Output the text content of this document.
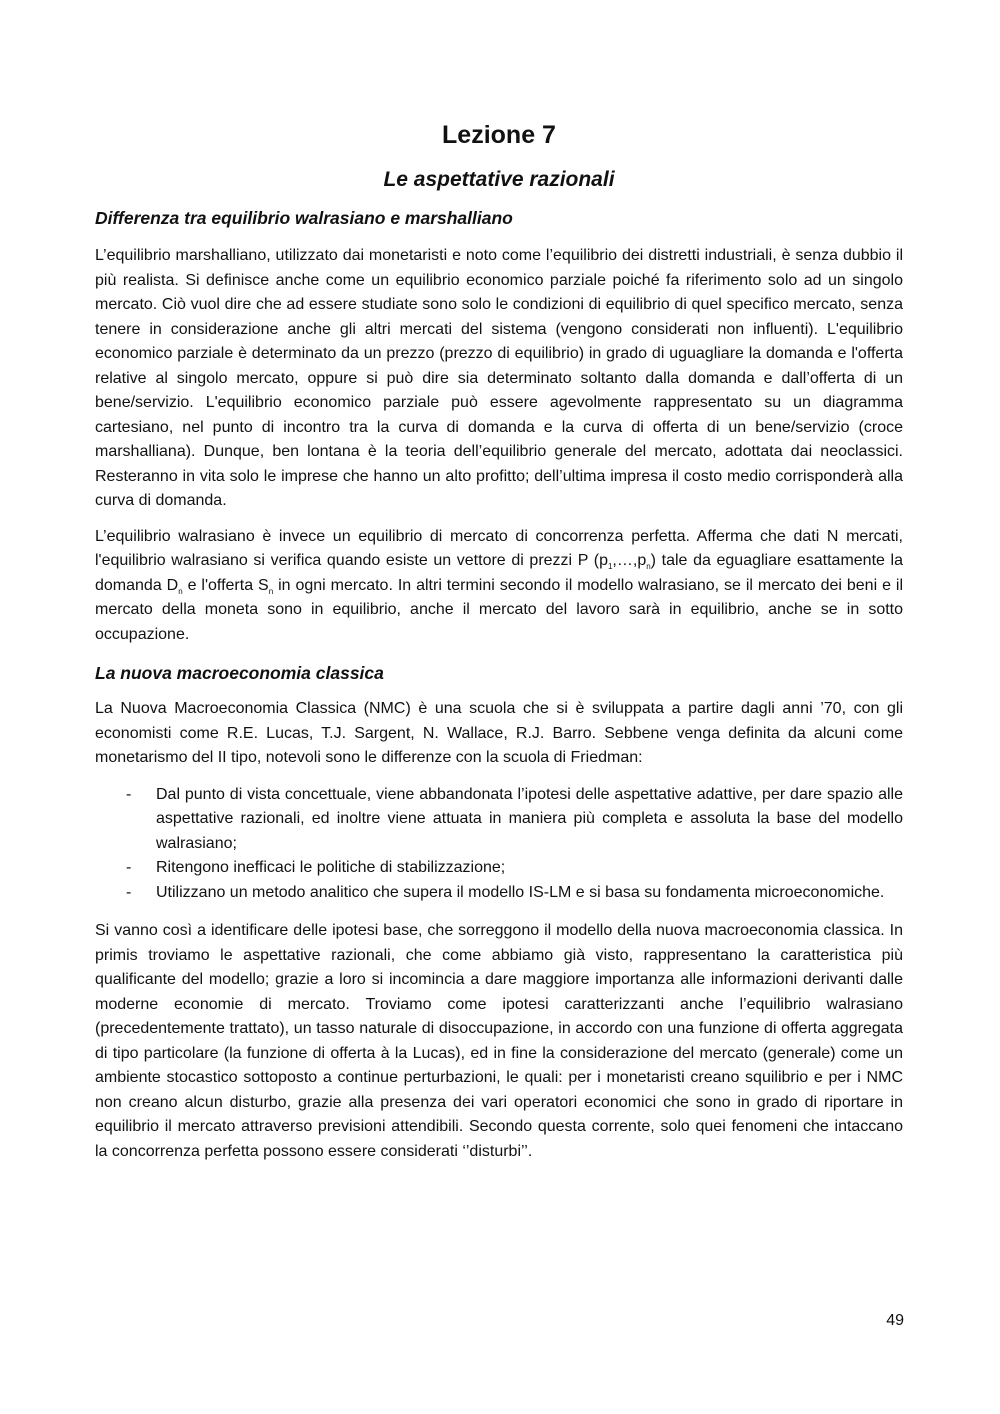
Lezione 7
Le aspettative razionali
Differenza tra equilibrio walrasiano e marshalliano

L’equilibrio marshalliano, utilizzato dai monetaristi e noto come l’equilibrio dei distretti industriali, è senza dubbio il più realista. Si definisce anche come un equilibrio economico parziale poiché fa riferimento solo ad un singolo mercato. Ciò vuol dire che ad essere studiate sono solo le condizioni di equilibrio di quel specifico mercato, senza tenere in considerazione anche gli altri mercati del sistema (vengono considerati non influenti). L'equilibrio economico parziale è determinato da un prezzo (prezzo di equilibrio) in grado di uguagliare la domanda e l'offerta relative al singolo mercato, oppure si può dire sia determinato soltanto dalla domanda e dall’offerta di un bene/servizio. L'equilibrio economico parziale può essere agevolmente rappresentato su un diagramma cartesiano, nel punto di incontro tra la curva di domanda e la curva di offerta di un bene/servizio (croce marshalliana). Dunque, ben lontana è la teoria dell’equilibrio generale del mercato, adottata dai neoclassici. Resteranno in vita solo le imprese che hanno un alto profitto; dell’ultima impresa il costo medio corrisponderà alla curva di domanda.

L’equilibrio walrasiano è invece un equilibrio di mercato di concorrenza perfetta. Afferma che dati N mercati, l'equilibrio walrasiano si verifica quando esiste un vettore di prezzi P $(p_1,\dots,p_n)$ tale da eguagliare esattamente la domanda $D_n$ e l'offerta $S_n$ in ogni mercato. In altri termini secondo il modello walrasiano, se il mercato dei beni e il mercato della moneta sono in equilibrio, anche il mercato del lavoro sarà in equilibrio, anche se in sotto occupazione.

La nuova macroeconomia classica

La Nuova Macroeconomia Classica (NMC) è una scuola che si è sviluppata a partire dagli anni ’70, con gli economisti come R.E. Lucas, T.J. Sargent, N. Wallace, R.J. Barro. Sebbene venga definita da alcuni come monetarismo del II tipo, notevoli sono le differenze con la scuola di Friedman:

- Dal punto di vista concettuale, viene abbandonata l’ipotesi delle aspettative adattive, per dare spazio alle aspettative razionali, ed inoltre viene attuata in maniera più completa e assoluta la base del modello walrasiano;
- Ritengono inefficaci le politiche di stabilizzazione;
- Utilizzano un metodo analitico che supera il modello IS-LM e si basa su fondamenta microeconomiche.

Si vanno così a identificare delle ipotesi base, che sorreggono il modello della nuova macroeconomia classica. In primis troviamo le aspettative razionali, che come abbiamo già visto, rappresentano la caratteristica più qualificante del modello; grazie a loro si incomincia a dare maggiore importanza alle informazioni derivanti dalle moderne economie di mercato. Troviamo come ipotesi caratterizzanti anche l’equilibrio walrasiano (precedentemente trattato), un tasso naturale di disoccupazione, in accordo con una funzione di offerta aggregata di tipo particolare (la funzione di offerta à la Lucas), ed in fine la considerazione del mercato (generale) come un ambiente stocastico sottoposto a continue perturbazioni, le quali: per i monetaristi creano squilibrio e per i NMC non creano alcun disturbo, grazie alla presenza dei vari operatori economici che sono in grado di riportare in equilibrio il mercato attraverso previsioni attendibili. Secondo questa corrente, solo quei fenomeni che intaccano la concorrenza perfetta possono essere considerati ‘’disturbi’’.

49
